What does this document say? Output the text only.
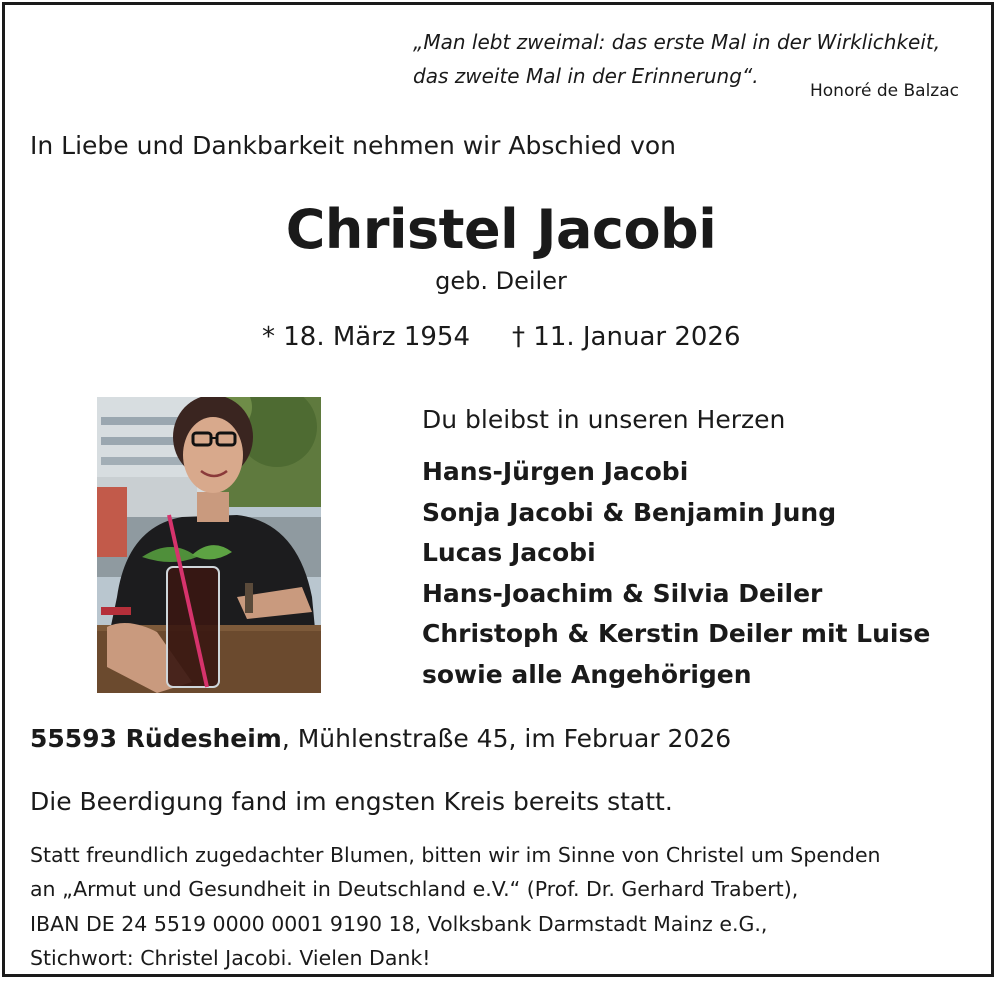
„Man lebt zweimal: das erste Mal in der Wirklichkeit,
das zweite Mal in der Erinnerung“.
Honoré de Balzac
In Liebe und Dankbarkeit nehmen wir Abschied von
Christel Jacobi
geb. Deiler
* 18. März 1954 † 11. Januar 2026
Du bleibst in unseren Herzen
Hans-Jürgen Jacobi
Sonja Jacobi & Benjamin Jung
Lucas Jacobi
Hans-Joachim & Silvia Deiler
Christoph & Kerstin Deiler mit Luise
sowie alle Angehörigen
55593 Rüdesheim, Mühlenstraße 45, im Februar 2026
Die Beerdigung fand im engsten Kreis bereits statt.
Statt freundlich zugedachter Blumen, bitten wir im Sinne von Christel um Spenden
an „Armut und Gesundheit in Deutschland e.V.“ (Prof. Dr. Gerhard Trabert),
IBAN DE 24 5519 0000 0001 9190 18, Volksbank Darmstadt Mainz e.G.,
Stichwort: Christel Jacobi. Vielen Dank!
